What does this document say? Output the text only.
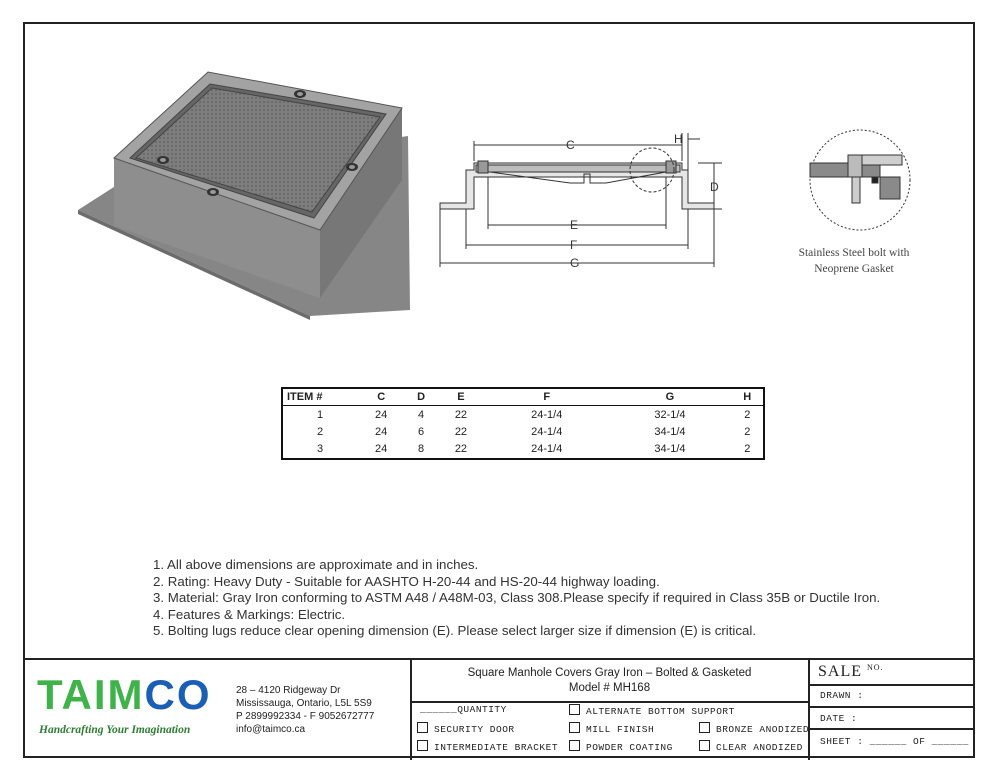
C	H
D
E
F
G
Stainless Steel bolt with
Neoprene Gasket
ITEM #	C	D	E	F	G	H
1	24	4	22	24-1/4	32-1/4	2
2	24	6	22	24-1/4	34-1/4	2
3	24	8	22	24-1/4	34-1/4	2
1. All above dimensions are approximate and in inches.
2. Rating: Heavy Duty - Suitable for AASHTO H-20-44 and HS-20-44 highway loading.
3. Material: Gray Iron conforming to ASTM A48 / A48M-03, Class 308.Please specify if required in Class 35B or Ductile Iron.
4. Features & Markings: Electric.
5. Bolting lugs reduce clear opening dimension (E). Please select larger size if dimension (E) is critical.
TAIMCO
Handcrafting Your Imagination
28 – 4120 Ridgeway Dr
Mississauga, Ontario, L5L 5S9
P 2899992334 - F 9052672777
info@taimco.ca
Square Manhole Covers Gray Iron – Bolted & Gasketed
Model # MH168
______QUANTITY
SECURITY DOOR
INTERMEDIATE BRACKET
ALTERNATE BOTTOM SUPPORT
MILL FINISH
POWDER COATING
BRONZE ANODIZED
CLEAR ANODIZED
SALE $^{NO.}$
DRAWN :
DATE :
SHEET : ______ OF ______
